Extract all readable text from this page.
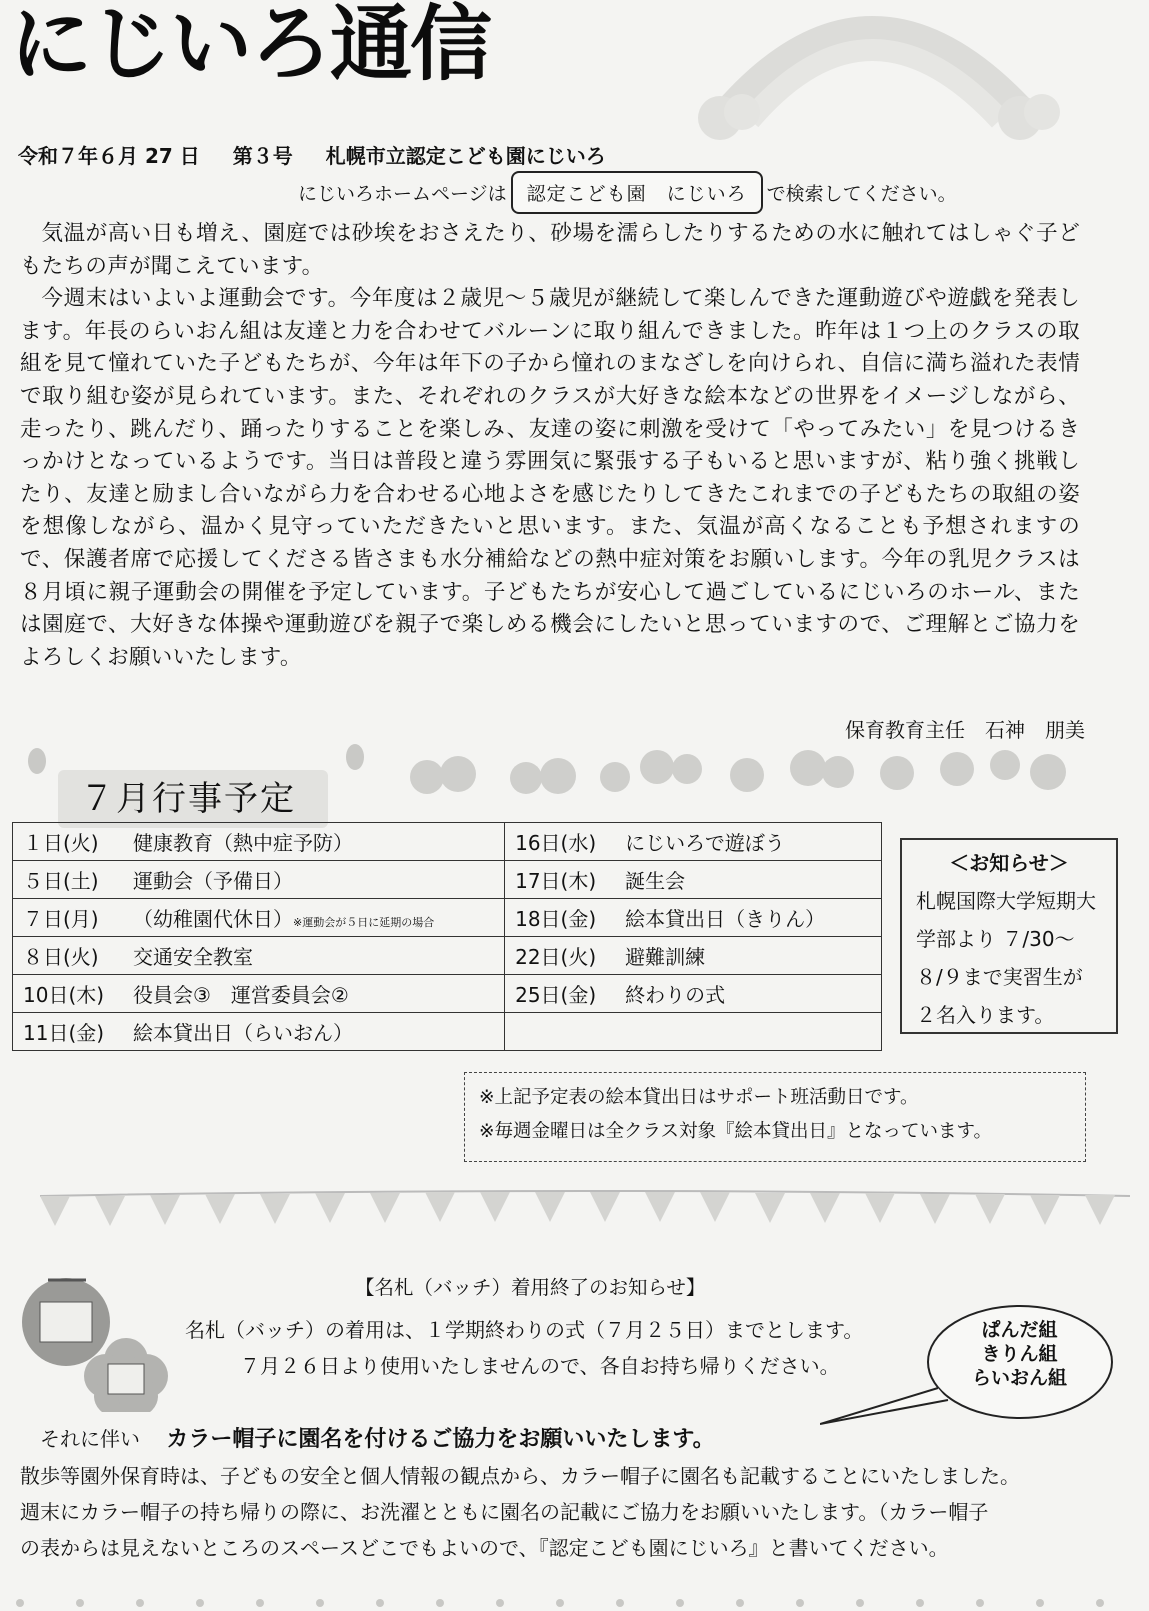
にじいろ通信
令和７年６月 27 日 第３号 札幌市立認定こども園にじいろ
にじいろホームページは	認定こども園　にじいろ	で検索してください。

気温が高い日も増え、園庭では砂埃をおさえたり、砂場を濡らしたりするための水に触れてはしゃぐ子どもたちの声が聞こえています。

今週末はいよいよ運動会です。今年度は２歳児～５歳児が継続して楽しんできた運動遊びや遊戯を発表します。年長のらいおん組は友達と力を合わせてバルーンに取り組んできました。昨年は１つ上のクラスの取組を見て憧れていた子どもたちが、今年は年下の子から憧れのまなざしを向けられ、自信に満ち溢れた表情で取り組む姿が見られています。また、それぞれのクラスが大好きな絵本などの世界をイメージしながら、走ったり、跳んだり、踊ったりすることを楽しみ、友達の姿に刺激を受けて「やってみたい」を見つけるきっかけとなっているようです。当日は普段と違う雰囲気に緊張する子もいると思いますが、粘り強く挑戦したり、友達と励まし合いながら力を合わせる心地よさを感じたりしてきたこれまでの子どもたちの取組の姿を想像しながら、温かく見守っていただきたいと思います。また、気温が高くなることも予想されますので、保護者席で応援してくださる皆さまも水分補給などの熱中症対策をお願いします。今年の乳児クラスは８月頃に親子運動会の開催を予定しています。子どもたちが安心して過ごしているにじいろのホール、または園庭で、大好きな体操や運動遊びを親子で楽しめる機会にしたいと思っていますので、ご理解とご協力をよろしくお願いいたします。

保育教育主任　石神　朋美
７月行事予定
１日(火) 健康教育（熱中症予防）	16日(水) にじいろで遊ぼう
５日(土) 運動会（予備日）	17日(木) 誕生会
７日(月) （幼稚園代休日）※運動会が５日に延期の場合	18日(金) 絵本貸出日（きりん）
８日(火) 交通安全教室	22日(火) 避難訓練
10日(木) 役員会③　運営委員会②	25日(金) 終わりの式
11日(金) 絵本貸出日（らいおん）	
＜お知らせ＞
札幌国際大学短期大
学部より ７/30～
８/９まで実習生が
２名入ります。
※上記予定表の絵本貸出日はサポート班活動日です。
※毎週金曜日は全クラス対象『絵本貸出日』となっています。
【名札（バッチ）着用終了のお知らせ】
名札（バッチ）の着用は、１学期終わりの式（７月２５日）までとします。
７月２６日より使用いたしませんので、各自お持ち帰りください。
ぱんだ組
きりん組
らいおん組
それに伴い カラー帽子に園名を付けるご協力をお願いいたします。
散歩等園外保育時は、子どもの安全と個人情報の観点から、カラー帽子に園名も記載することにいたしました。
週末にカラー帽子の持ち帰りの際に、お洗濯とともに園名の記載にご協力をお願いいたします。（カラー帽子
の表からは見えないところのスペースどこでもよいので、『認定こども園にじいろ』と書いてください。
